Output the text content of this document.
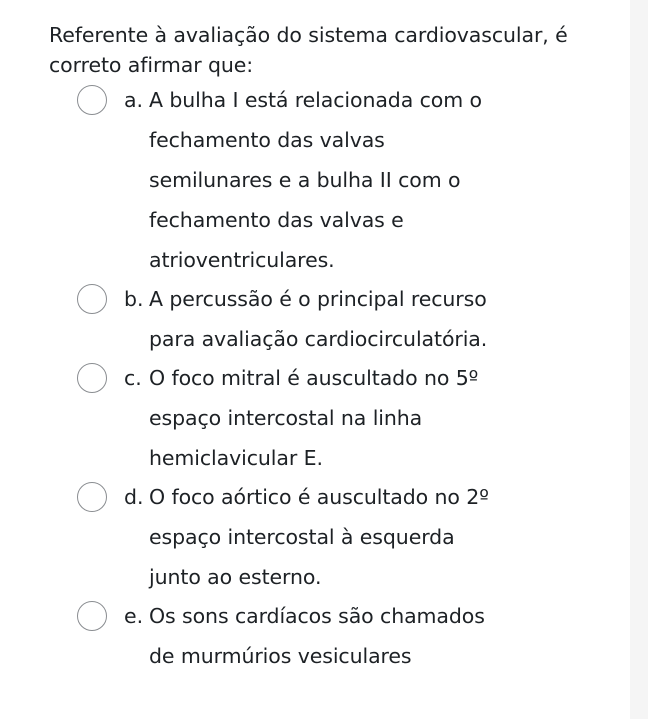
Referente à avaliação do sistema cardiovascular, é correto afirmar que:

a. A bulha I está relacionada com o fechamento das valvas semilunares e a bulha II com o fechamento das valvas e atrioventriculares.
b. A percussão é o principal recurso para avaliação cardiocirculatória.
c. O foco mitral é auscultado no 5º espaço intercostal na linha hemiclavicular E.
d. O foco aórtico é auscultado no 2º espaço intercostal à esquerda junto ao esterno.
e. Os sons cardíacos são chamados de murmúrios vesiculares
